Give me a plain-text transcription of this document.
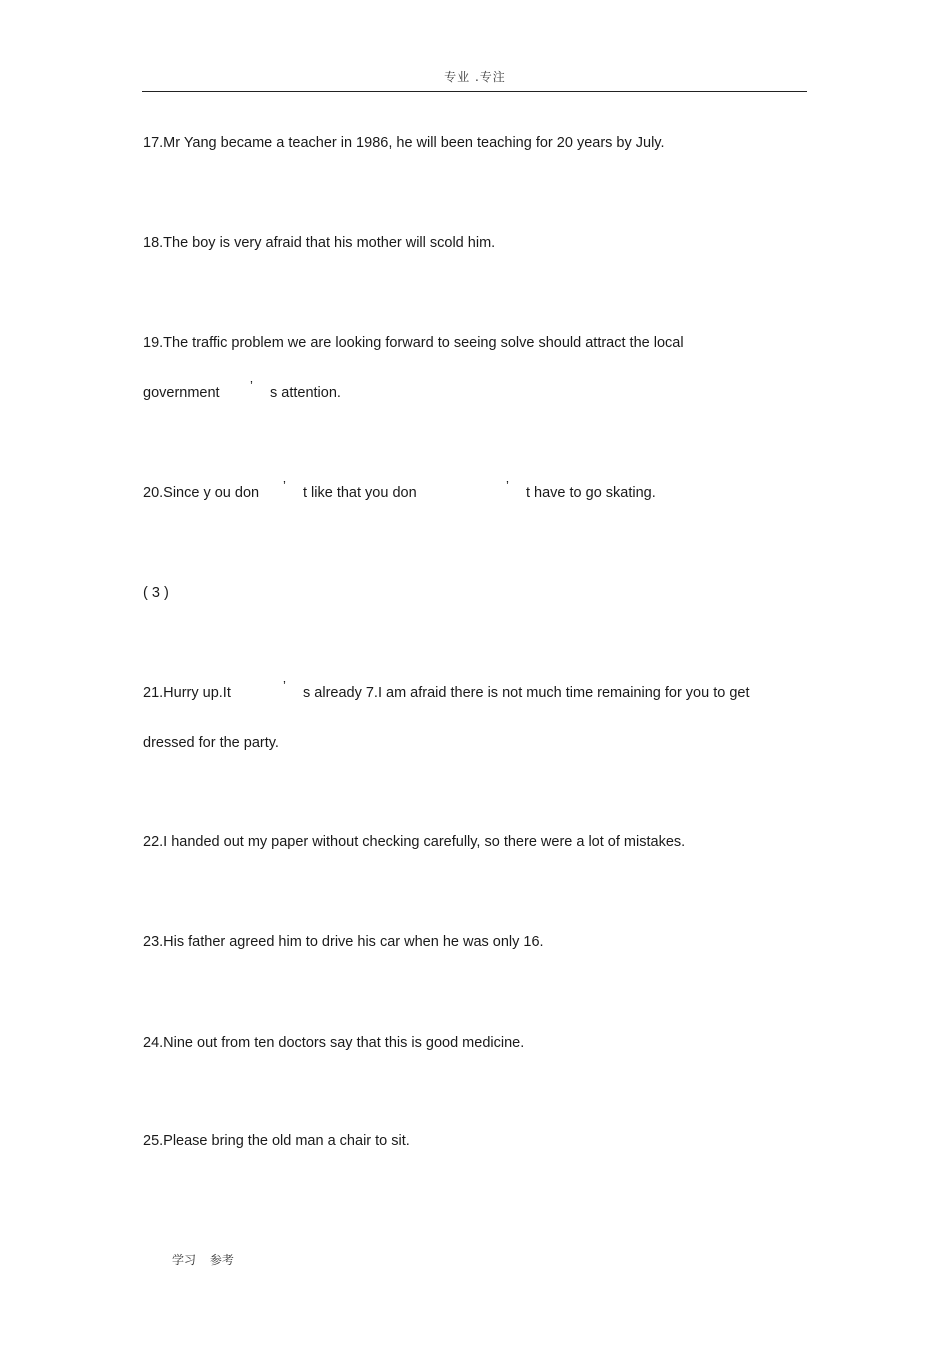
专业 .专注
17.Mr Yang became a teacher in 1986, he will been teaching for 20 years by July.
18.The boy is very afraid that his mother will scold him.
19.The traffic problem we are looking forward to seeing solve should attract the local
government ’ s attention.
20.Since y ou don ’ t like that you don	’ t have to go skating.
( 3 )
21.Hurry up.It	’ s already 7.I am afraid there is not much time remaining for you to get
dressed for the party.
22.I handed out my paper without checking carefully, so there were a lot of mistakes.
23.His father agreed him to drive his car when he was only 16.
24.Nine out from ten doctors say that this is good medicine.
25.Please bring the old man a chair to sit.
学习 参考
